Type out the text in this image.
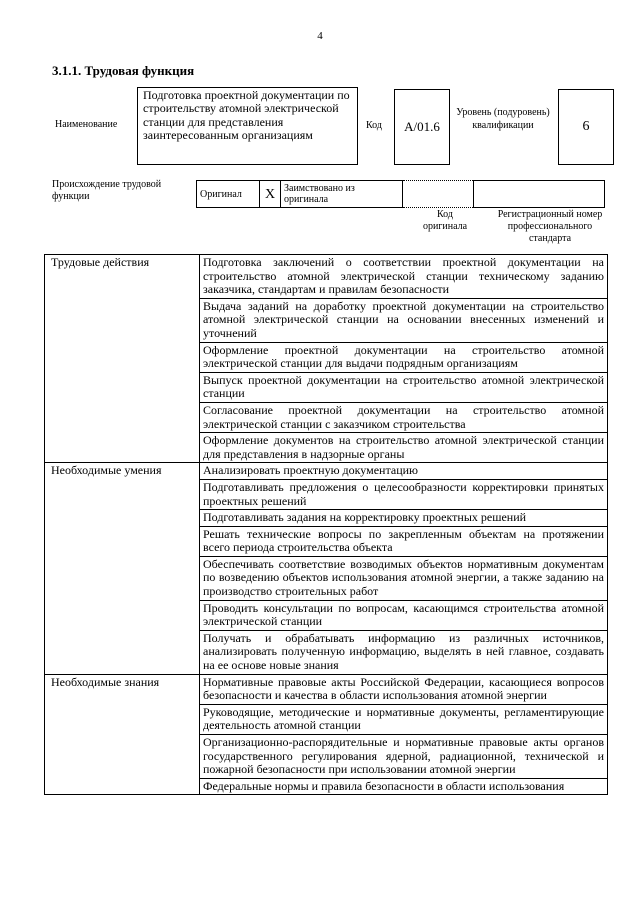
4
3.1.1. Трудовая функция
Наименование
Подготовка проектной документации по строительству атомной электрической станции для представления заинтересованным организациям
Код	А/01.6
Уровень (подуровень) квалификации	6
Происхождение трудовой функции	Оригинал	X	Заимствовано из оригинала		
Код оригинала
Регистрационный номер профессионального стандарта
Трудовые действия	Подготовка заключений о соответствии проектной документации на строительство атомной электрической станции техническому заданию заказчика, стандартам и правилам безопасности
	Выдача заданий на доработку проектной документации на строительство атомной электрической станции на основании внесенных изменений и уточнений
	Оформление проектной документации на строительство атомной электрической станции для выдачи подрядным организациям
	Выпуск проектной документации на строительство атомной электрической станции
	Согласование проектной документации на строительство атомной электрической станции с заказчиком строительства
	Оформление документов на строительство атомной электрической станции для представления в надзорные органы
Необходимые умения	Анализировать проектную документацию
	Подготавливать предложения о целесообразности корректировки принятых проектных решений
	Подготавливать задания на корректировку проектных решений
	Решать технические вопросы по закрепленным объектам на протяжении всего периода строительства объекта
	Обеспечивать соответствие возводимых объектов нормативным документам по возведению объектов использования атомной энергии, а также заданию на производство строительных работ
	Проводить консультации по вопросам, касающимся строительства атомной электрической станции
	Получать и обрабатывать информацию из различных источников, анализировать полученную информацию, выделять в ней главное, создавать на ее основе новые знания
Необходимые знания	Нормативные правовые акты Российской Федерации, касающиеся вопросов безопасности и качества в области использования атомной энергии
	Руководящие, методические и нормативные документы, регламентирующие деятельность атомной станции
	Организационно-распорядительные и нормативные правовые акты органов государственного регулирования ядерной, радиационной, технической и пожарной безопасности при использовании атомной энергии
	Федеральные нормы и правила безопасности в области использования
